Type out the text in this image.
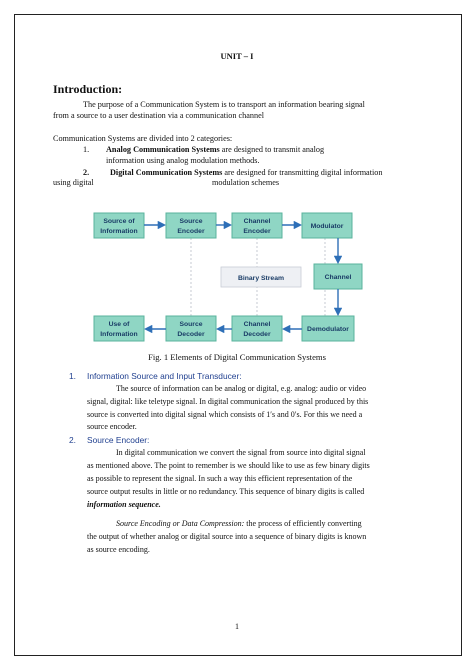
UNIT – I
Introduction:
The purpose of a Communication System is to transport an information bearing signal
from a source to a user destination via a communication channel
Communication Systems are divided into 2 categories:
1. Analog Communication Systems are designed to transmit analog
information using analog modulation methods.
2.	Digital Communication Systems are designed for transmitting digital information
using digital	modulation schemes
Binary Stream
Source of
Information
Source
Encoder
Channel
Encoder
Modulator
Channel
Use of
Information
Source
Decoder
Channel
Decoder
Demodulator
Fig. 1 Elements of Digital Communication Systems
1. Information Source and Input Transducer:
The source of information can be analog or digital, e.g. analog: audio or video
signal, digital: like teletype signal. In digital communication the signal produced by this
source is converted into digital signal which consists of 1′s and 0′s. For this we need a
source encoder.
2. Source Encoder:
In digital communication we convert the signal from source into digital signal
as mentioned above. The point to remember is we should like to use as few binary digits
as possible to represent the signal. In such a way this efficient representation of the
source output results in little or no redundancy. This sequence of binary digits is called
information sequence.
Source Encoding or Data Compression: the process of efficiently converting
the output of whether analog or digital source into a sequence of binary digits is known
as source encoding.
1
